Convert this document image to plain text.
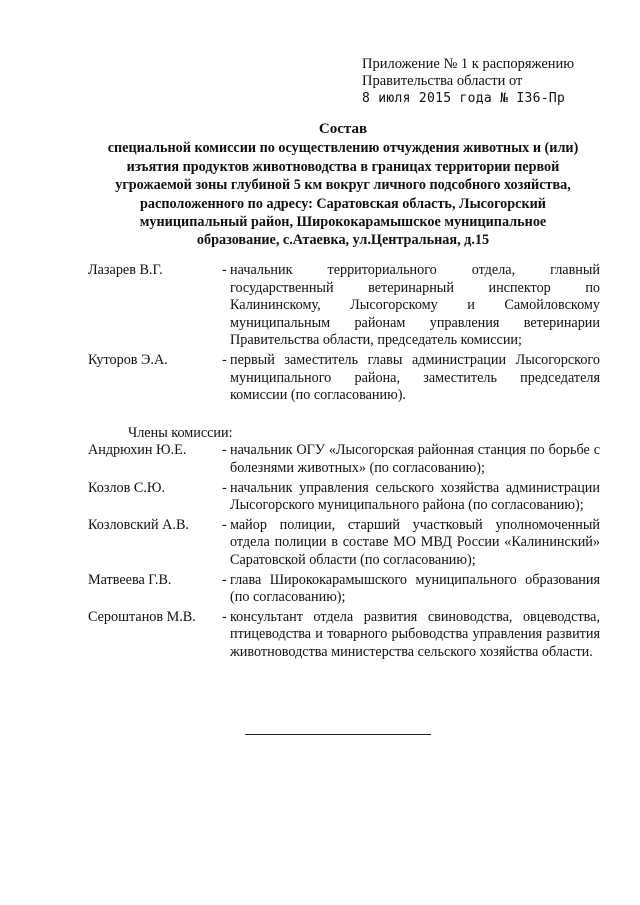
Приложение № 1 к распоряжению
Правительства области от
8 июля 2015 года № I36-Пр
Состав
специальной комиссии по осуществлению отчуждения животных и (или)
изъятия продуктов животноводства в границах территории первой
угрожаемой зоны глубиной 5 км вокруг личного подсобного хозяйства,
расположенного по адресу: Саратовская область, Лысогорский
муниципальный район, Ширококарамышское муниципальное
образование, с.Атаевка, ул.Центральная, д.15
Лазарев В.Г.	- начальник территориального отдела, главный государственный ветеринарный инспектор по Калининскому, Лысогорскому и Самойловскому муниципальным районам управления ветеринарии Правительства области, председатель комиссии;
Куторов Э.А.	- первый заместитель главы администрации Лысогорского муниципального района, заместитель председателя комиссии (по согласованию).
Члены комиссии:
Андрюхин Ю.Е.	- начальник ОГУ «Лысогорская районная станция по борьбе с болезнями животных» (по согласованию);
Козлов С.Ю.	- начальник управления сельского хозяйства администрации Лысогорского муниципального района (по согласованию);
Козловский А.В.	- майор полиции, старший участковый уполномоченный отдела полиции в составе МО МВД России «Калининский» Саратовской области (по согласованию);
Матвеева Г.В.	- глава Ширококарамышского муниципального образования (по согласованию);
Сероштанов М.В.	- консультант отдела развития свиноводства, овцеводства, птицеводства и товарного рыбоводства управления развития животноводства министерства сельского хозяйства области.
